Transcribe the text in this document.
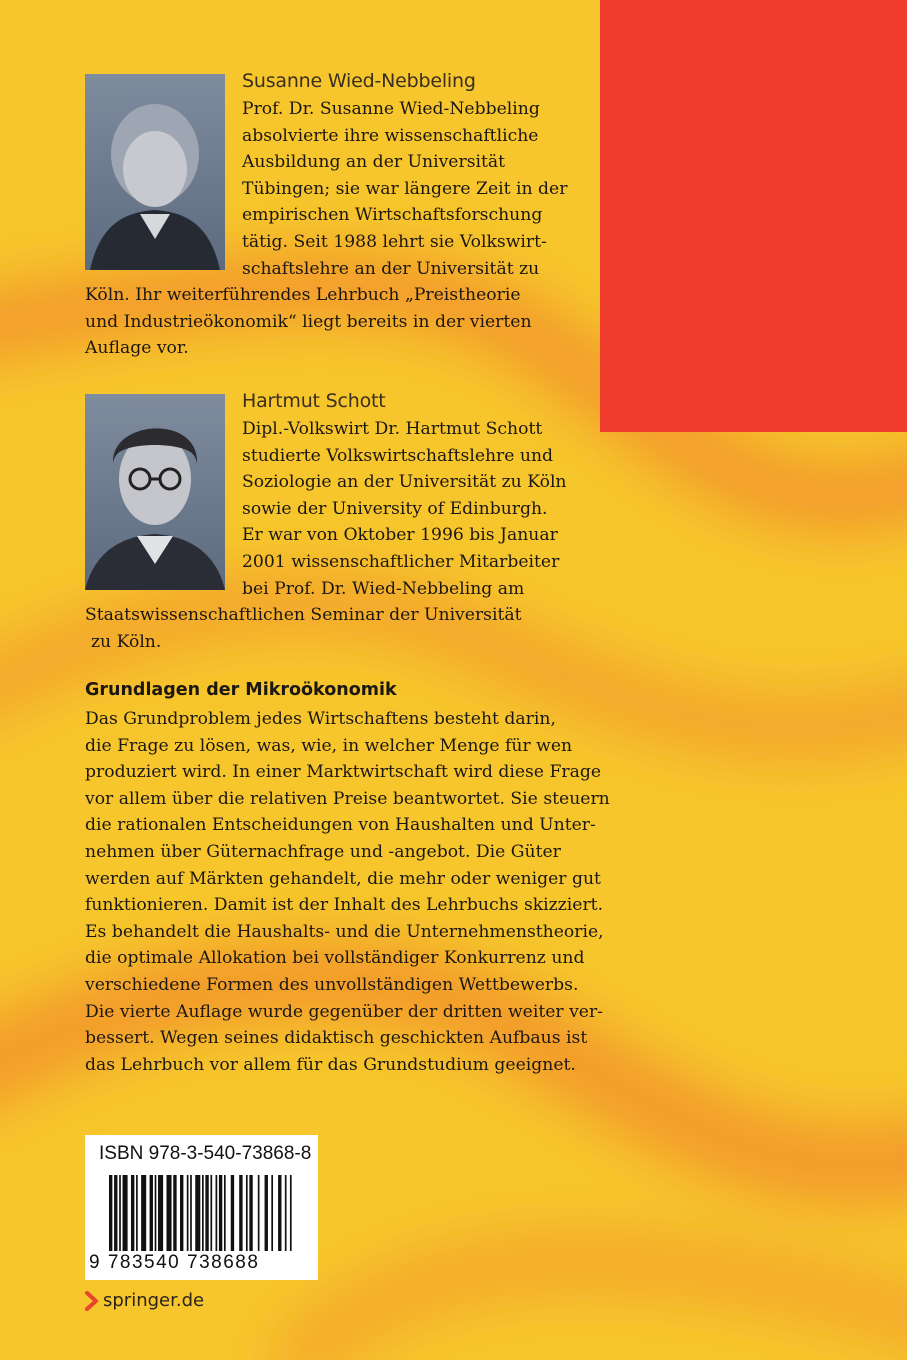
Susanne Wied-Nebbeling
Prof. Dr. Susanne Wied-Nebbeling
absolvierte ihre wissenschaftliche
Ausbildung an der Universität
Tübingen; sie war längere Zeit in der
empirischen Wirtschaftsforschung
tätig. Seit 1988 lehrt sie Volkswirt-
schaftslehre an der Universität zu
Köln. Ihr weiterführendes Lehrbuch „Preistheorie
und Industrieökonomik“ liegt bereits in der vierten
Auflage vor.
Hartmut Schott
Dipl.-Volkswirt Dr. Hartmut Schott
studierte Volkswirtschaftslehre und
Soziologie an der Universität zu Köln
sowie der University of Edinburgh.
Er war von Oktober 1996 bis Januar
2001 wissenschaftlicher Mitarbeiter
bei Prof. Dr. Wied-Nebbeling am
Staatswissenschaftlichen Seminar der Universität
zu Köln.
Grundlagen der Mikroökonomik
Das Grundproblem jedes Wirtschaftens besteht darin,
die Frage zu lösen, was, wie, in welcher Menge für wen
produziert wird. In einer Marktwirtschaft wird diese Frage
vor allem über die relativen Preise beantwortet. Sie steuern
die rationalen Entscheidungen von Haushalten und Unter-
nehmen über Güternachfrage und -angebot. Die Güter
werden auf Märkten gehandelt, die mehr oder weniger gut
funktionieren. Damit ist der Inhalt des Lehrbuchs skizziert.
Es behandelt die Haushalts- und die Unternehmenstheorie,
die optimale Allokation bei vollständiger Konkurrenz und
verschiedene Formen des unvollständigen Wettbewerbs.
Die vierte Auflage wurde gegenüber der dritten weiter ver-
bessert. Wegen seines didaktisch geschickten Aufbaus ist
das Lehrbuch vor allem für das Grundstudium geeignet.
ISBN 978-3-540-73868-8
9 783540 738688
springer.de
